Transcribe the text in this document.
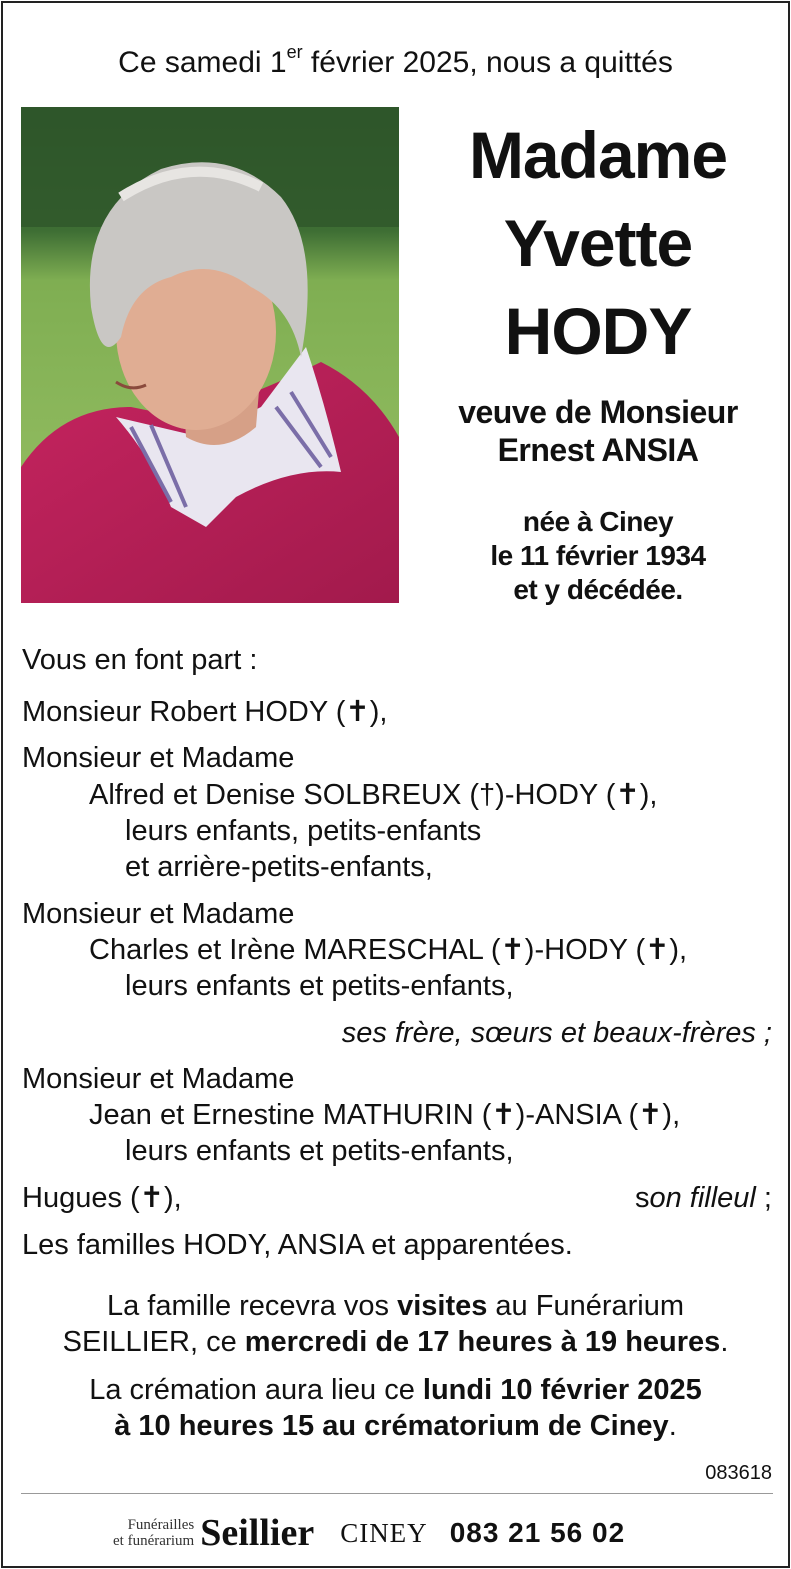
Ce samedi 1er février 2025, nous a quittés
Madame
Yvette
HODY
veuve de Monsieur
Ernest ANSIA
née à Ciney
le 11 février 1934
et y décédée.
Vous en font part :
Monsieur Robert HODY (✝),
Monsieur et Madame
Alfred et Denise SOLBREUX (†)-HODY (✝),
leurs enfants, petits-enfants
et arrière-petits-enfants,
Monsieur et Madame
Charles et Irène MARESCHAL (✝)-HODY (✝),
leurs enfants et petits-enfants,
ses frère, sœurs et beaux-frères ;
Monsieur et Madame
Jean et Ernestine MATHURIN (✝)-ANSIA (✝),
leurs enfants et petits-enfants,
Hugues (✝),	son filleul ;
Les familles HODY, ANSIA et apparentées.
La famille recevra vos visites au Funérarium
SEILLIER, ce mercredi de 17 heures à 19 heures.
La crémation aura lieu ce lundi 10 février 2025
à 10 heures 15 au crématorium de Ciney.
083618
Funérailles
et funérarium Seillier CINEY 083 21 56 02
